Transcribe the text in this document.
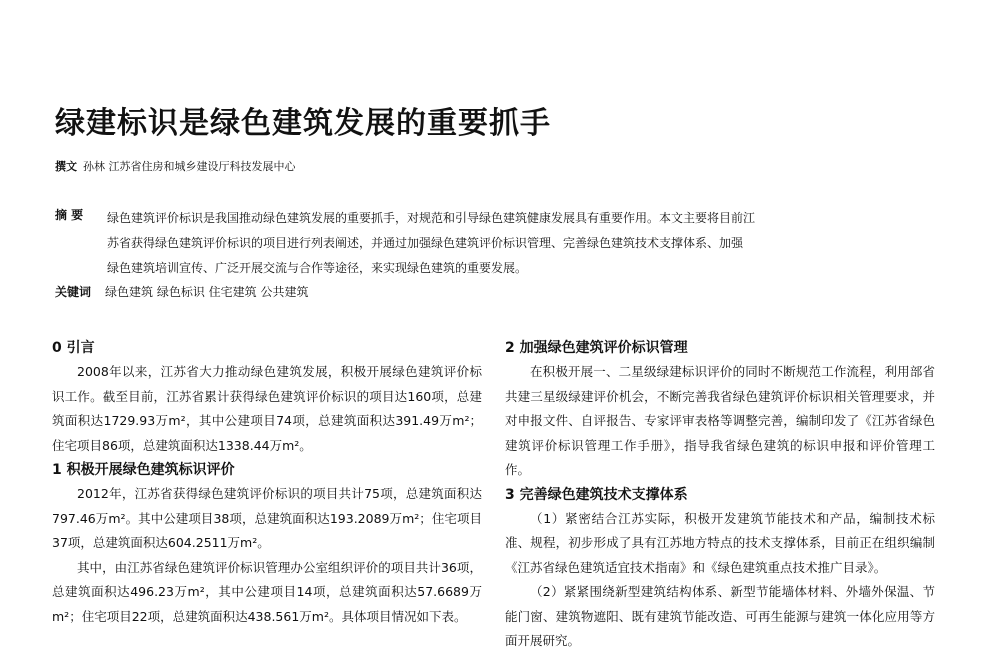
绿建标识是绿色建筑发展的重要抓手
撰文 孙林 江苏省住房和城乡建设厅科技发展中心
摘 要 绿色建筑评价标识是我国推动绿色建筑发展的重要抓手，对规范和引导绿色建筑健康发展具有重要作用。本文主要将目前江

苏省获得绿色建筑评价标识的项目进行列表阐述，并通过加强绿色建筑评价标识管理、完善绿色建筑技术支撑体系、加强

绿色建筑培训宣传、广泛开展交流与合作等途径，来实现绿色建筑的重要发展。

关键词 绿色建筑 绿色标识 住宅建筑 公共建筑
0 引言

2008年以来，江苏省大力推动绿色建筑发展，积极开展绿色建筑评价标识工作。截至目前，江苏省累计获得绿色建筑评价标识的项目达160项，总建筑面积达1729.93万m²，其中公建项目74项，总建筑面积达391.49万m²；住宅项目86项，总建筑面积达1338.44万m²。

1 积极开展绿色建筑标识评价

2012年，江苏省获得绿色建筑评价标识的项目共计75项，总建筑面积达797.46万m²。其中公建项目38项，总建筑面积达193.2089万m²；住宅项目37项，总建筑面积达604.2511万m²。

其中，由江苏省绿色建筑评价标识管理办公室组织评价的项目共计36项，总建筑面积达496.23万m²，其中公建项目14项，总建筑面积达57.6689万m²；住宅项目22项，总建筑面积达438.561万m²。具体项目情况如下表。

2 加强绿色建筑评价标识管理

在积极开展一、二星级绿建标识评价的同时不断规范工作流程，利用部省共建三星级绿建评价机会，不断完善我省绿色建筑评价标识相关管理要求，并对申报文件、自评报告、专家评审表格等调整完善，编制印发了《江苏省绿色建筑评价标识管理工作手册》，指导我省绿色建筑的标识申报和评价管理工作。

3 完善绿色建筑技术支撑体系

（1）紧密结合江苏实际，积极开发建筑节能技术和产品，编制技术标准、规程，初步形成了具有江苏地方特点的技术支撑体系，目前正在组织编制《江苏省绿色建筑适宜技术指南》和《绿色建筑重点技术推广目录》。

（2）紧紧围绕新型建筑结构体系、新型节能墙体材料、外墙外保温、节能门窗、建筑物遮阳、既有建筑节能改造、可再生能源与建筑一体化应用等方面开展研究。
